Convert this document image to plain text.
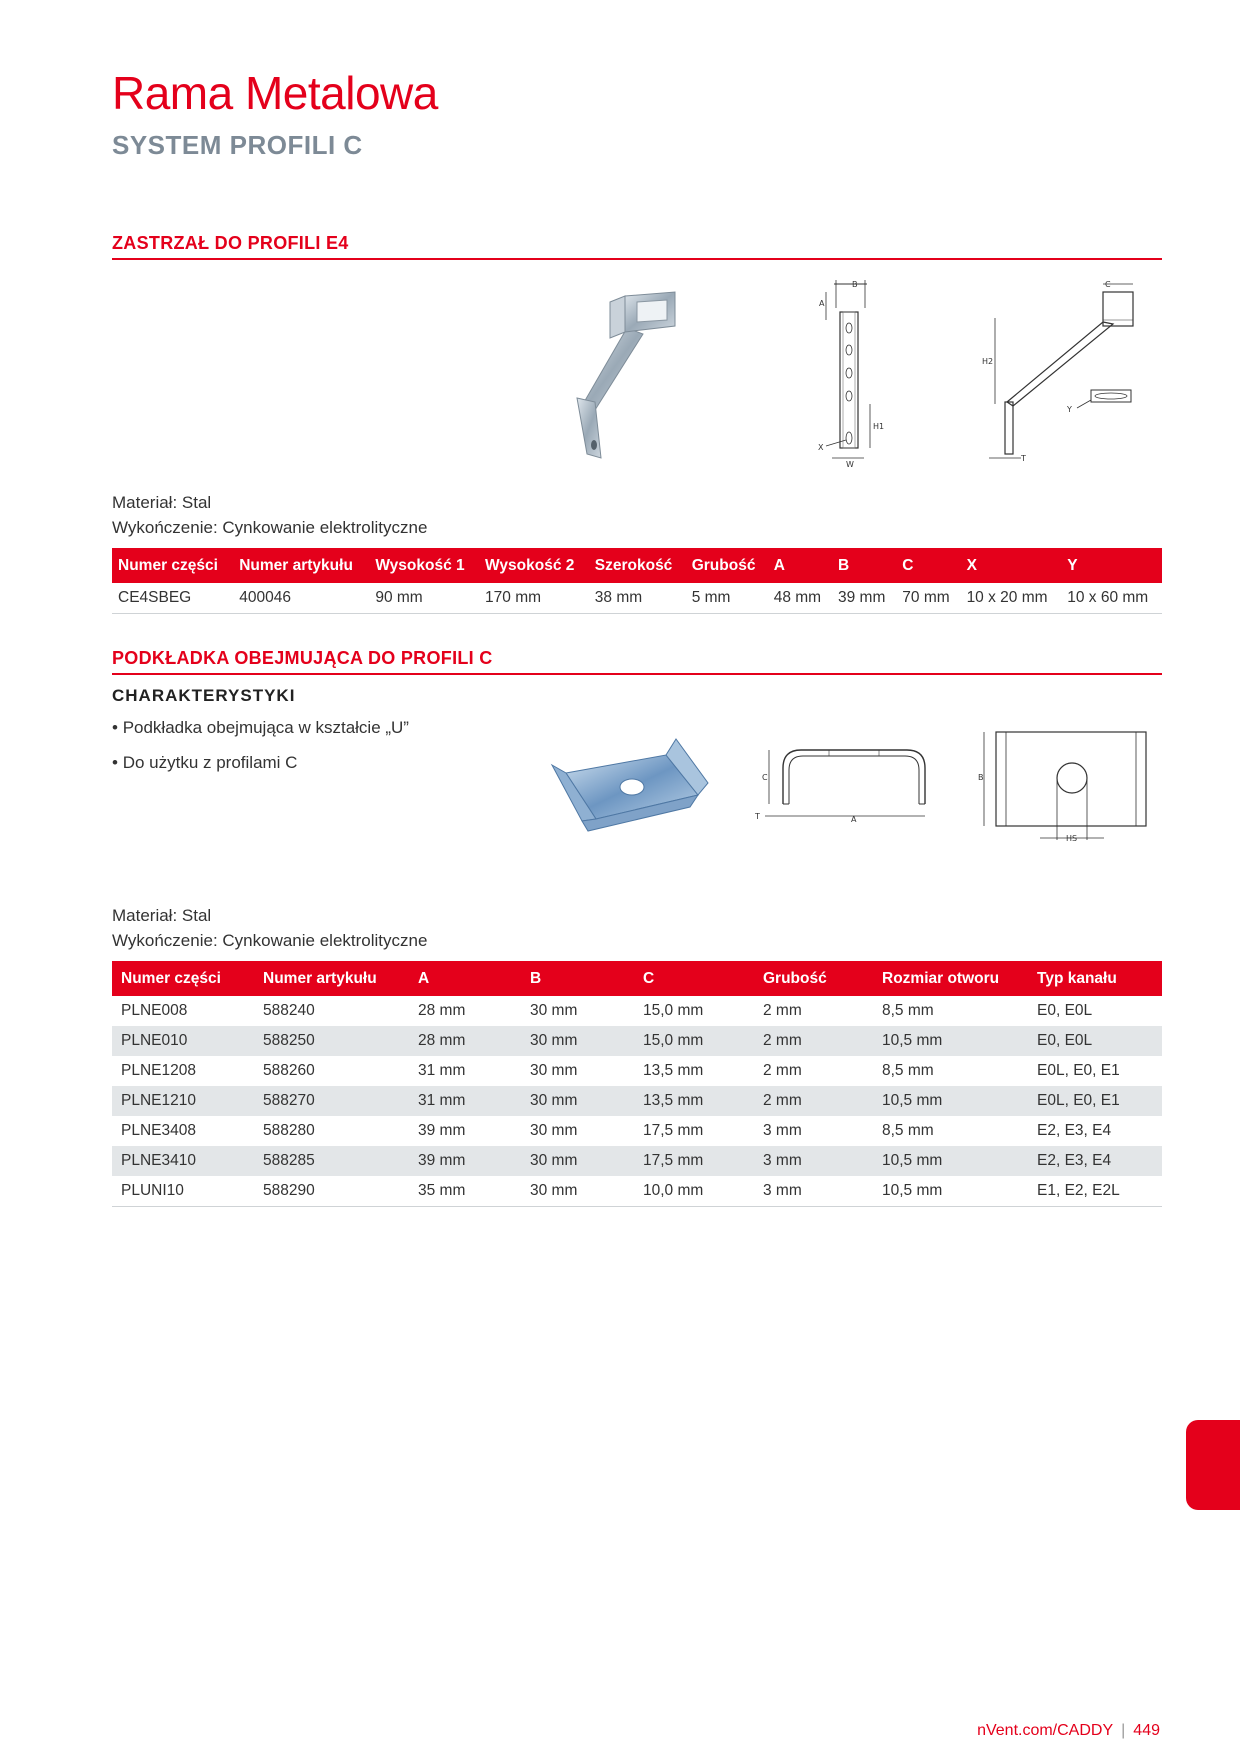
Rama Metalowa
SYSTEM PROFILI C
ZASTRZAŁ DO PROFILI E4
B
A
H1
X
W
C
H2
Y
T
Materiał: Stal
Wykończenie: Cynkowanie elektrolityczne
Numer części	Numer artykułu	Wysokość 1	Wysokość 2	Szerokość	Grubość	A	B	C	X	Y
CE4SBEG	400046	90 mm	170 mm	38 mm	5 mm	48 mm	39 mm	70 mm	10 x 20 mm	10 x 60 mm
PODKŁADKA OBEJMUJĄCA DO PROFILI C
CHARAKTERYSTYKI
• Podkładka obejmująca w kształcie „U”
• Do użytku z profilami C
C
T	A
B
HS
Materiał: Stal
Wykończenie: Cynkowanie elektrolityczne
Numer części	Numer artykułu	A	B	C	Grubość	Rozmiar otworu	Typ kanału
PLNE008	588240	28 mm	30 mm	15,0 mm	2 mm	8,5 mm	E0, E0L
PLNE010	588250	28 mm	30 mm	15,0 mm	2 mm	10,5 mm	E0, E0L
PLNE1208	588260	31 mm	30 mm	13,5 mm	2 mm	8,5 mm	E0L, E0, E1
PLNE1210	588270	31 mm	30 mm	13,5 mm	2 mm	10,5 mm	E0L, E0, E1
PLNE3408	588280	39 mm	30 mm	17,5 mm	3 mm	8,5 mm	E2, E3, E4
PLNE3410	588285	39 mm	30 mm	17,5 mm	3 mm	10,5 mm	E2, E3, E4
PLUNI10	588290	35 mm	30 mm	10,0 mm	3 mm	10,5 mm	E1, E2, E2L
nVent.com/CADDY | 449
